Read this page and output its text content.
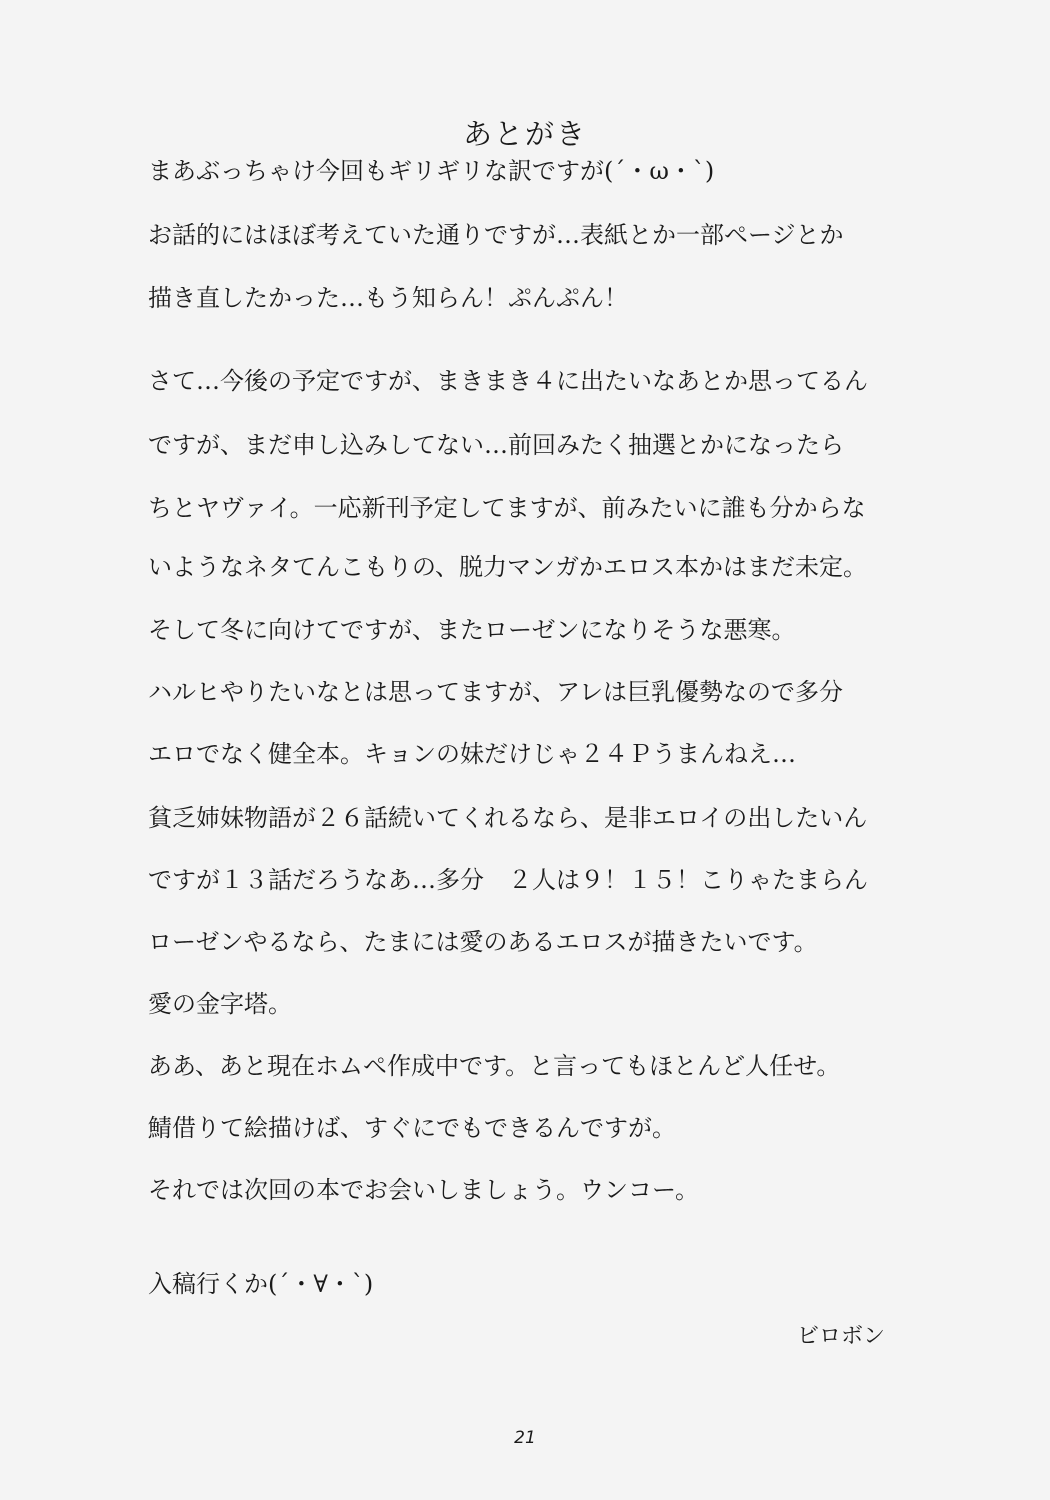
あとがき
まあぶっちゃけ今回もギリギリな訳ですが(´・ω・`)
お話的にはほぼ考えていた通りですが…表紙とか一部ページとか
描き直したかった…もう知らん！ぷんぷん！
さて…今後の予定ですが、まきまき４に出たいなあとか思ってるん
ですが、まだ申し込みしてない…前回みたく抽選とかになったら
ちとヤヴァイ。一応新刊予定してますが、前みたいに誰も分からな
いようなネタてんこもりの、脱力マンガかエロス本かはまだ未定。
そして冬に向けてですが、またローゼンになりそうな悪寒。
ハルヒやりたいなとは思ってますが、アレは巨乳優勢なので多分
エロでなく健全本。キョンの妹だけじゃ２４Ｐうまんねえ…
貧乏姉妹物語が２６話続いてくれるなら、是非エロイの出したいん
ですが１３話だろうなあ…多分　２人は９！１５！こりゃたまらん
ローゼンやるなら、たまには愛のあるエロスが描きたいです。
愛の金字塔。
ああ、あと現在ホムペ作成中です。と言ってもほとんど人任せ。
鯖借りて絵描けば、すぐにでもできるんですが。
それでは次回の本でお会いしましょう。ウンコー。
入稿行くか(´・∀・`)
ビロボン
21
